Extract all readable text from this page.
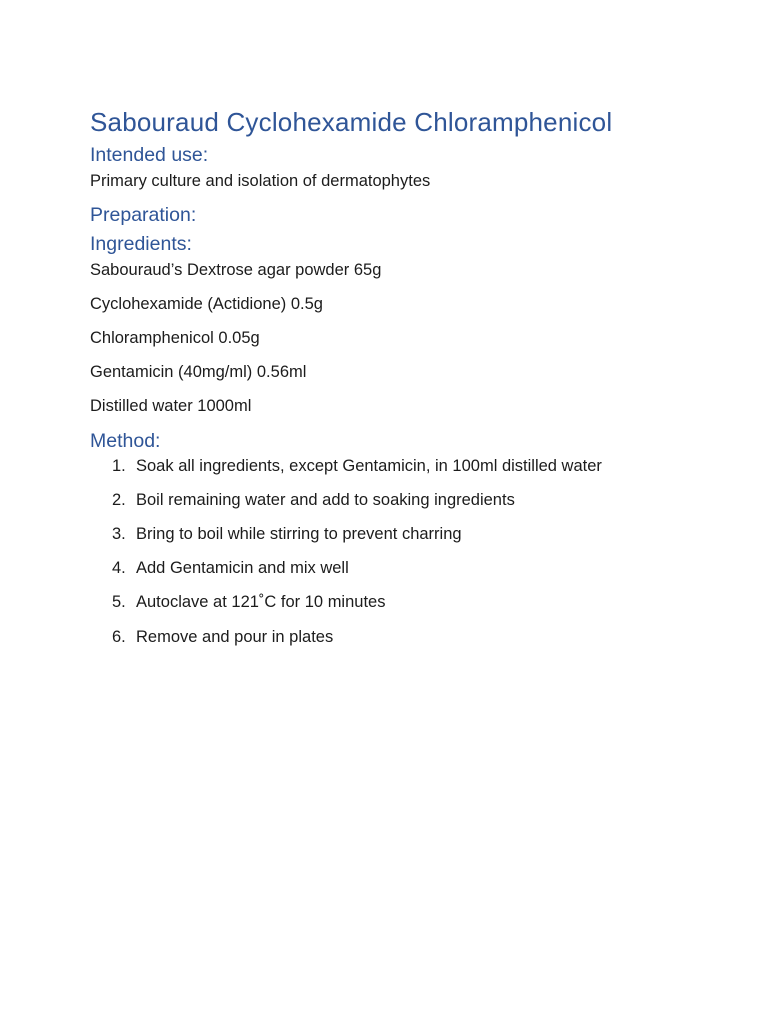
Sabouraud Cyclohexamide Chloramphenicol
Intended use:

Primary culture and isolation of dermatophytes

Preparation:
Ingredients:

Sabouraud’s Dextrose agar powder 65g

Cyclohexamide (Actidione) 0.5g

Chloramphenicol 0.05g

Gentamicin (40mg/ml) 0.56ml

Distilled water 1000ml

Method:
1. Soak all ingredients, except Gentamicin, in 100ml distilled water
2. Boil remaining water and add to soaking ingredients
3. Bring to boil while stirring to prevent charring
4. Add Gentamicin and mix well
5. Autoclave at 121˚C for 10 minutes
6. Remove and pour in plates
